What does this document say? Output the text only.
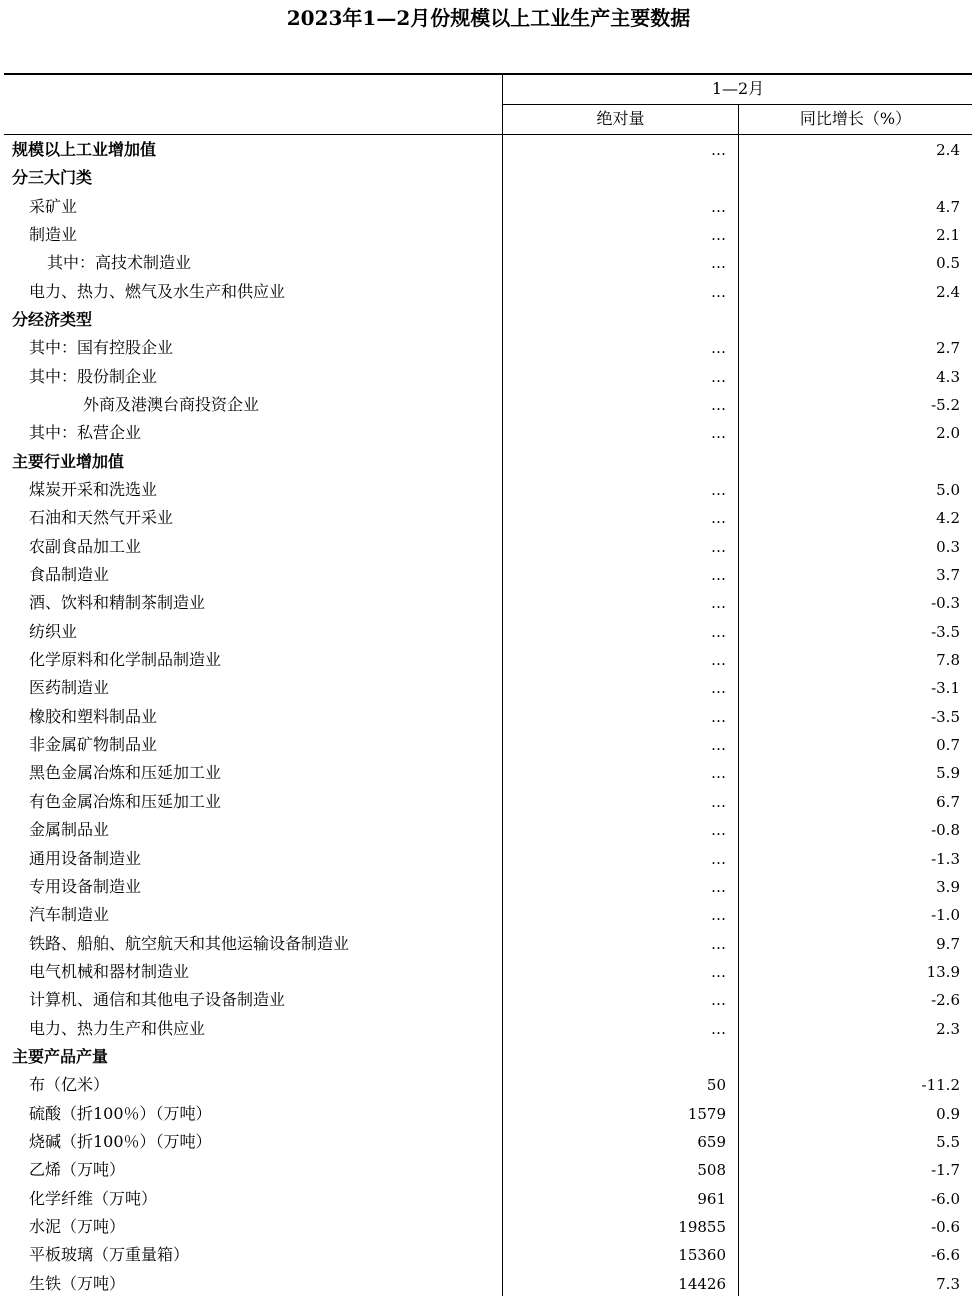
2023年1—2月份规模以上工业生产主要数据
1—2月
绝对量	同比增长（%）
规模以上工业增加值	…	2.4
分三大门类
采矿业	…	4.7
制造业	…	2.1
其中：高技术制造业	…	0.5
电力、热力、燃气及水生产和供应业	…	2.4
分经济类型
其中：国有控股企业	…	2.7
其中：股份制企业	…	4.3
外商及港澳台商投资企业	…	-5.2
其中：私营企业	…	2.0
主要行业增加值
煤炭开采和洗选业	…	5.0
石油和天然气开采业	…	4.2
农副食品加工业	…	0.3
食品制造业	…	3.7
酒、饮料和精制茶制造业	…	-0.3
纺织业	…	-3.5
化学原料和化学制品制造业	…	7.8
医药制造业	…	-3.1
橡胶和塑料制品业	…	-3.5
非金属矿物制品业	…	0.7
黑色金属冶炼和压延加工业	…	5.9
有色金属冶炼和压延加工业	…	6.7
金属制品业	…	-0.8
通用设备制造业	…	-1.3
专用设备制造业	…	3.9
汽车制造业	…	-1.0
铁路、船舶、航空航天和其他运输设备制造业	…	9.7
电气机械和器材制造业	…	13.9
计算机、通信和其他电子设备制造业	…	-2.6
电力、热力生产和供应业	…	2.3
主要产品产量
布（亿米）	50	-11.2
硫酸（折100％）（万吨）	1579	0.9
烧碱（折100％）（万吨）	659	5.5
乙烯（万吨）	508	-1.7
化学纤维（万吨）	961	-6.0
水泥（万吨）	19855	-0.6
平板玻璃（万重量箱）	15360	-6.6
生铁（万吨）	14426	7.3
